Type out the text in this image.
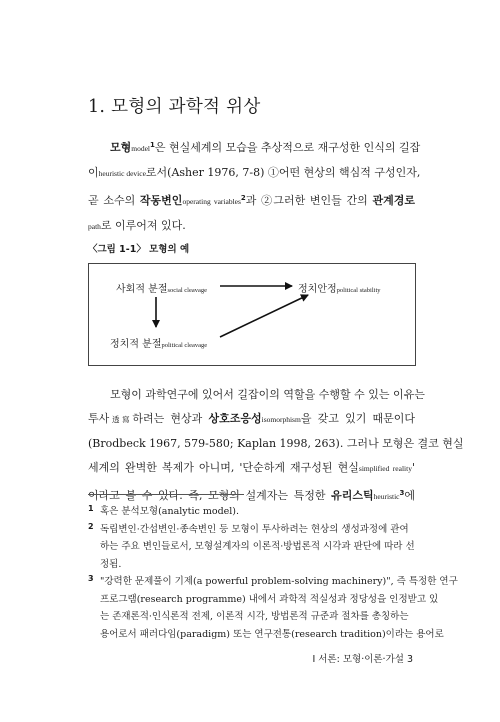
1. 모형의 과학적 위상
모형model$^1$은 현실세계의 모습을 추상적으로 재구성한 인식의 길잡
이heuristic device로서(Asher 1976, 7-8) ①어떤 현상의 핵심적 구성인자,
곧 소수의 작동변인operating variables$^2$과 ②그러한 변인들 간의 관계경로
path로 이루어져 있다.
〈그림 1-1〉 모형의 예
사회적 분절social cleavage	정치안정political stability
정치적 분절political cleavage
모형이 과학연구에 있어서 길잡이의 역할을 수행할 수 있는 이유는
투사透寫하려는 현상과 상호조응성isomorphism을 갖고 있기 때문이다
(Brodbeck 1967, 579-580; Kaplan 1998, 263). 그러나 모형은 결코 현실
세계의 완벽한 복제가 아니며, '단순하게 재구성된 현실simplified reality'
이라고 볼 수 있다. 즉, 모형의 설계자는 특정한 유리스틱heuristic$^3$에
1 혹은 분석모형(analytic model).
2 독립변인·간섭변인·종속변인 등 모형이 투사하려는 현상의 생성과정에 관여
하는 주요 변인들로서, 모형설계자의 이론적·방법론적 시각과 판단에 따라 선
정됨.
3 "강력한 문제풀이 기제(a powerful problem-solving machinery)", 즉 특정한 연구
프로그램(research programme) 내에서 과학적 적실성과 정당성을 인정받고 있
는 존재론적·인식론적 전제, 이론적 시각, 방법론적 규준과 절차를 총칭하는
용어로서 패러다임(paradigm) 또는 연구전통(research tradition)이라는 용어로
I 서론: 모형·이론·가설 3
